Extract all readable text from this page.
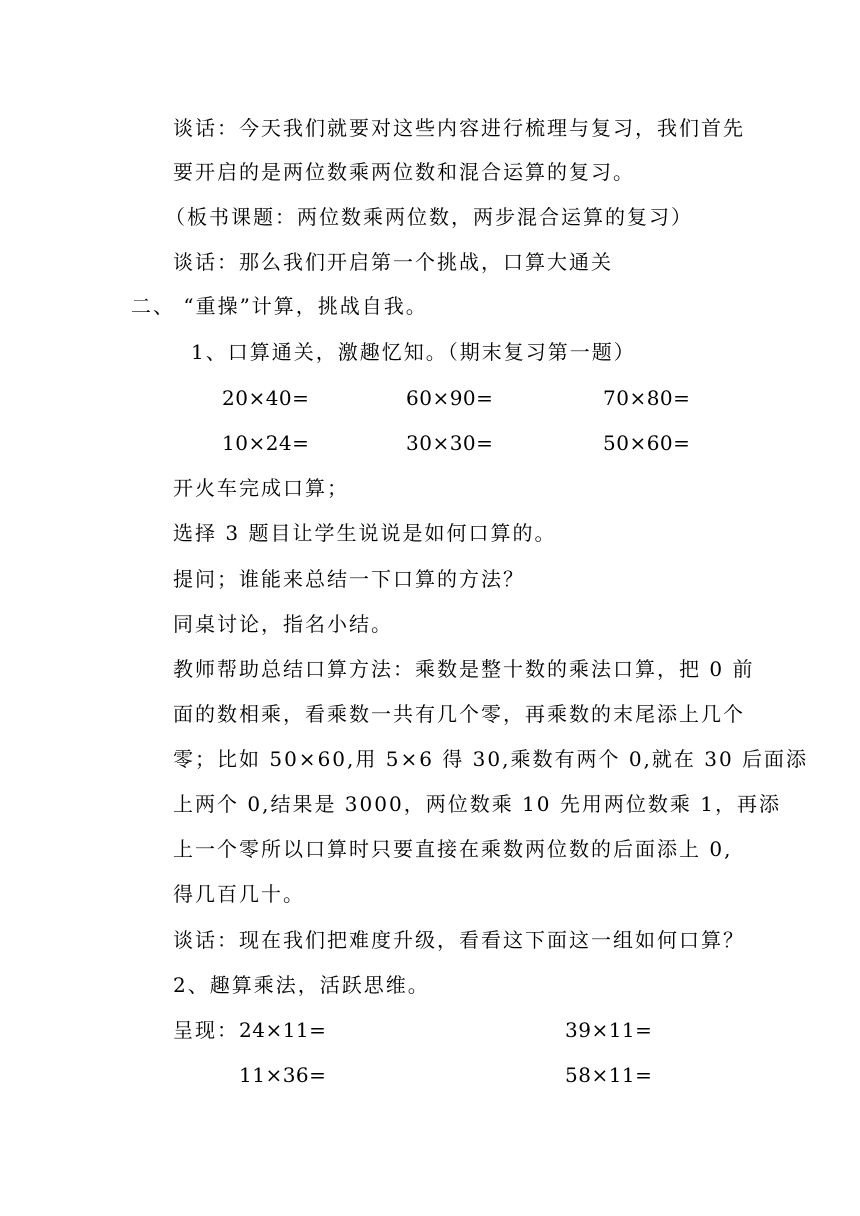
谈话：今天我们就要对这些内容进行梳理与复习，我们首先

要开启的是两位数乘两位数和混合运算的复习。

（板书课题：两位数乘两位数，两步混合运算的复习）

谈话：那么我们开启第一个挑战，口算大通关

二、 “重操”计算，挑战自我。

1、口算通关，激趣忆知。（期末复习第一题）

20×40=	60×90=	70×80=
10×24=	30×30=	50×60=

开火车完成口算；

选择 3 题目让学生说说是如何口算的。

提问；谁能来总结一下口算的方法？

同桌讨论，指名小结。

教师帮助总结口算方法：乘数是整十数的乘法口算，把 0 前

面的数相乘，看乘数一共有几个零，再乘数的末尾添上几个

零；比如 50×60,用 5×6 得 30,乘数有两个 0,就在 30 后面添

上两个 0,结果是 3000，两位数乘 10 先用两位数乘 1，再添

上一个零所以口算时只要直接在乘数两位数的后面添上 0,

得几百几十。

谈话：现在我们把难度升级，看看这下面这一组如何口算？

2、趣算乘法，活跃思维。

呈现： 24×11=	39×11=
11×36=	58×11=
